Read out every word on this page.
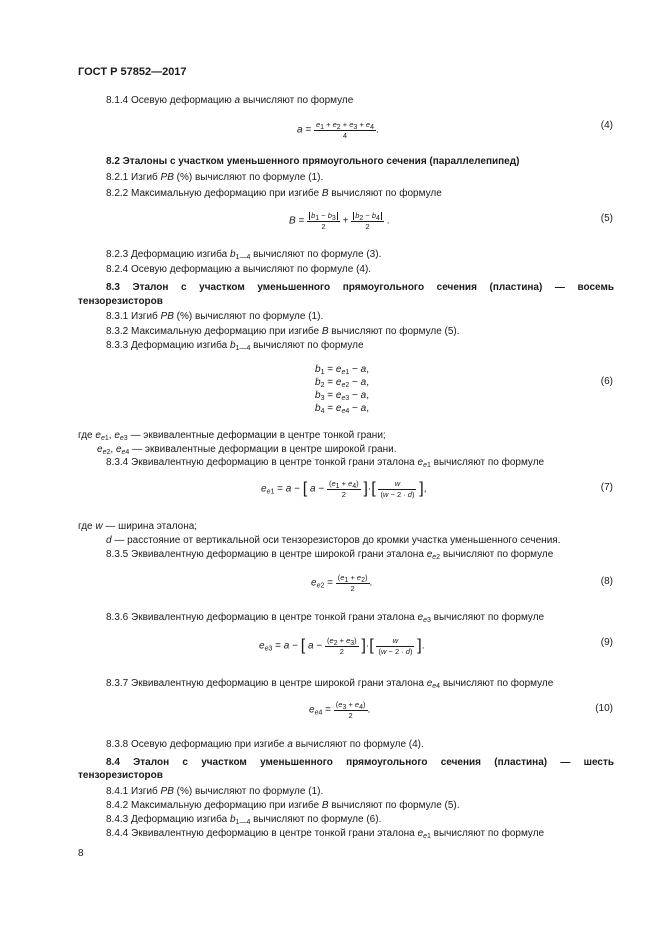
ГОСТ Р 57852—2017
8.1.4 Осевую деформацию a вычисляют по формуле
$a = \frac{e_1 + e_2 + e_3 + e_4}{4}$ .	(4)
8.2 Эталоны с участком уменьшенного прямоугольного сечения (параллелепипед)
8.2.1 Изгиб PB (%) вычисляют по формуле (1).
8.2.2 Максимальную деформацию при изгибе B вычисляют по формуле
$B = \frac{b_1 - b_3}{2} + \frac{b_2 - b_4}{2}$ .	(5)
8.2.3 Деформацию изгиба $b_{1—4}$ вычисляют по формуле (3).
8.2.4 Осевую деформацию a вычисляют по формуле (4).
8.3 Эталон с участком уменьшенного прямоугольного сечения (пластина) — восемь
тензорезисторов
8.3.1 Изгиб PB (%) вычисляют по формуле (1).
8.3.2 Максимальную деформацию при изгибе B вычисляют по формуле (5).
8.3.3 Деформацию изгиба $b_{1—4}$ вычисляют по формуле
$b_1 = e_{e1} - a$,
$b_2 = e_{e2} - a$,
$b_3 = e_{e3} - a$,
$b_4 = e_{e4} - a$,
(6)
где $e_{e1}$, $e_{e3}$ — эквивалентные деформации в центре тонкой грани;
$e_{e2}$, $e_{e4}$ — эквивалентные деформации в центре широкой грани.
8.3.4 Эквивалентную деформацию в центре тонкой грани эталона $e_{e1}$ вычисляют по формуле
$e_{e1} = a$ − [ $a - \frac{(e_1 + e_4)}{2}$ ]·[ $\frac{w}{(w - 2 \cdot d)}$ ],	(7)
где w — ширина эталона;
d — расстояние от вертикальной оси тензорезисторов до кромки участка уменьшенного сечения.
8.3.5 Эквивалентную деформацию в центре широкой грани эталона $e_{e2}$ вычисляют по формуле
$e_{e2} = \frac{(e_1 + e_2)}{2}$ .	(8)
8.3.6 Эквивалентную деформацию в центре тонкой грани эталона $e_{e3}$ вычисляют по формуле
$e_{e3} = a$ − [ $a - \frac{(e_2 + e_3)}{2}$ ]·[ $\frac{w}{(w - 2 \cdot d)}$ ].	(9)
8.3.7 Эквивалентную деформацию в центре широкой грани эталона $e_{e4}$ вычисляют по формуле
$e_{e4} = \frac{(e_3 + e_4)}{2}$ .	(10)
8.3.8 Осевую деформацию при изгибе a вычисляют по формуле (4).
8.4 Эталон с участком уменьшенного прямоугольного сечения (пластина) — шесть
тензорезисторов
8.4.1 Изгиб PB (%) вычисляют по формуле (1).
8.4.2 Максимальную деформацию при изгибе B вычисляют по формуле (5).
8.4.3 Деформацию изгиба $b_{1—4}$ вычисляют по формуле (6).
8.4.4 Эквивалентную деформацию в центре тонкой грани эталона $e_{e1}$ вычисляют по формуле
8
